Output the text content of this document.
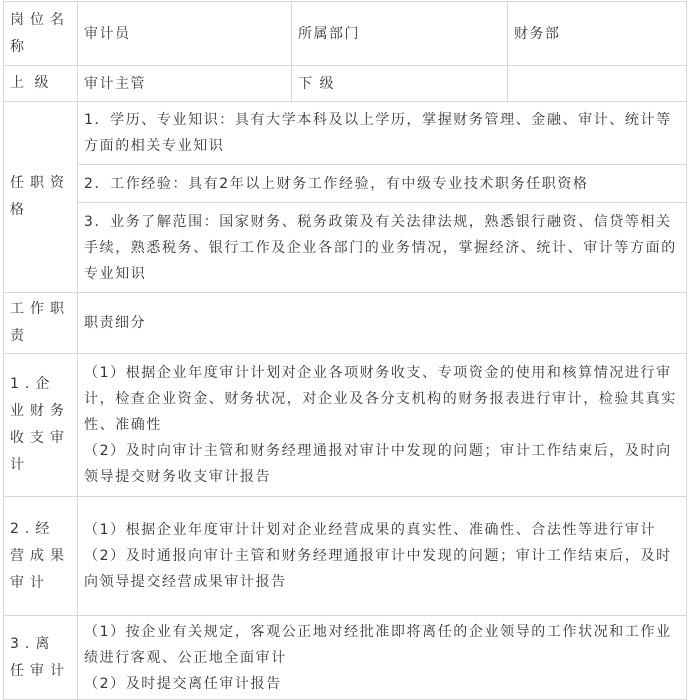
岗位名称	审计员	所属部门	财务部
上 级	审计主管	下 级	
任职资格	1．学历、专业知识：具有大学本科及以上学历，掌握财务管理、金融、审计、统计等方面的相关专业知识		
	2．工作经验：具有2年以上财务工作经验，有中级专业技术职务任职资格		
	3．业务了解范围：国家财务、税务政策及有关法律法规，熟悉银行融资、信贷等相关手续，熟悉税务、银行工作及企业各部门的业务情况，掌握经济、统计、审计等方面的专业知识		
工作职责	职责细分		
1.企业财务收支审计	（1）根据企业年度审计计划对企业各项财务收支、专项资金的使用和核算情况进行审计，检查企业资金、财务状况，对企业及各分支机构的财务报表进行审计，检验其真实性、准确性
（2）及时向审计主管和财务经理通报对审计中发现的问题；审计工作结束后，及时向领导提交财务收支审计报告		

2.经营成果审计	（1）根据企业年度审计计划对企业经营成果的真实性、准确性、合法性等进行审计
（2）及时通报向审计主管和财务经理通报审计中发现的问题；审计工作结束后，及时向领导提交经营成果审计报告		

3.离任审计	（1）按企业有关规定，客观公正地对经批准即将离任的企业领导的工作状况和工作业绩进行客观、公正地全面审计
（2）及时提交离任审计报告		
